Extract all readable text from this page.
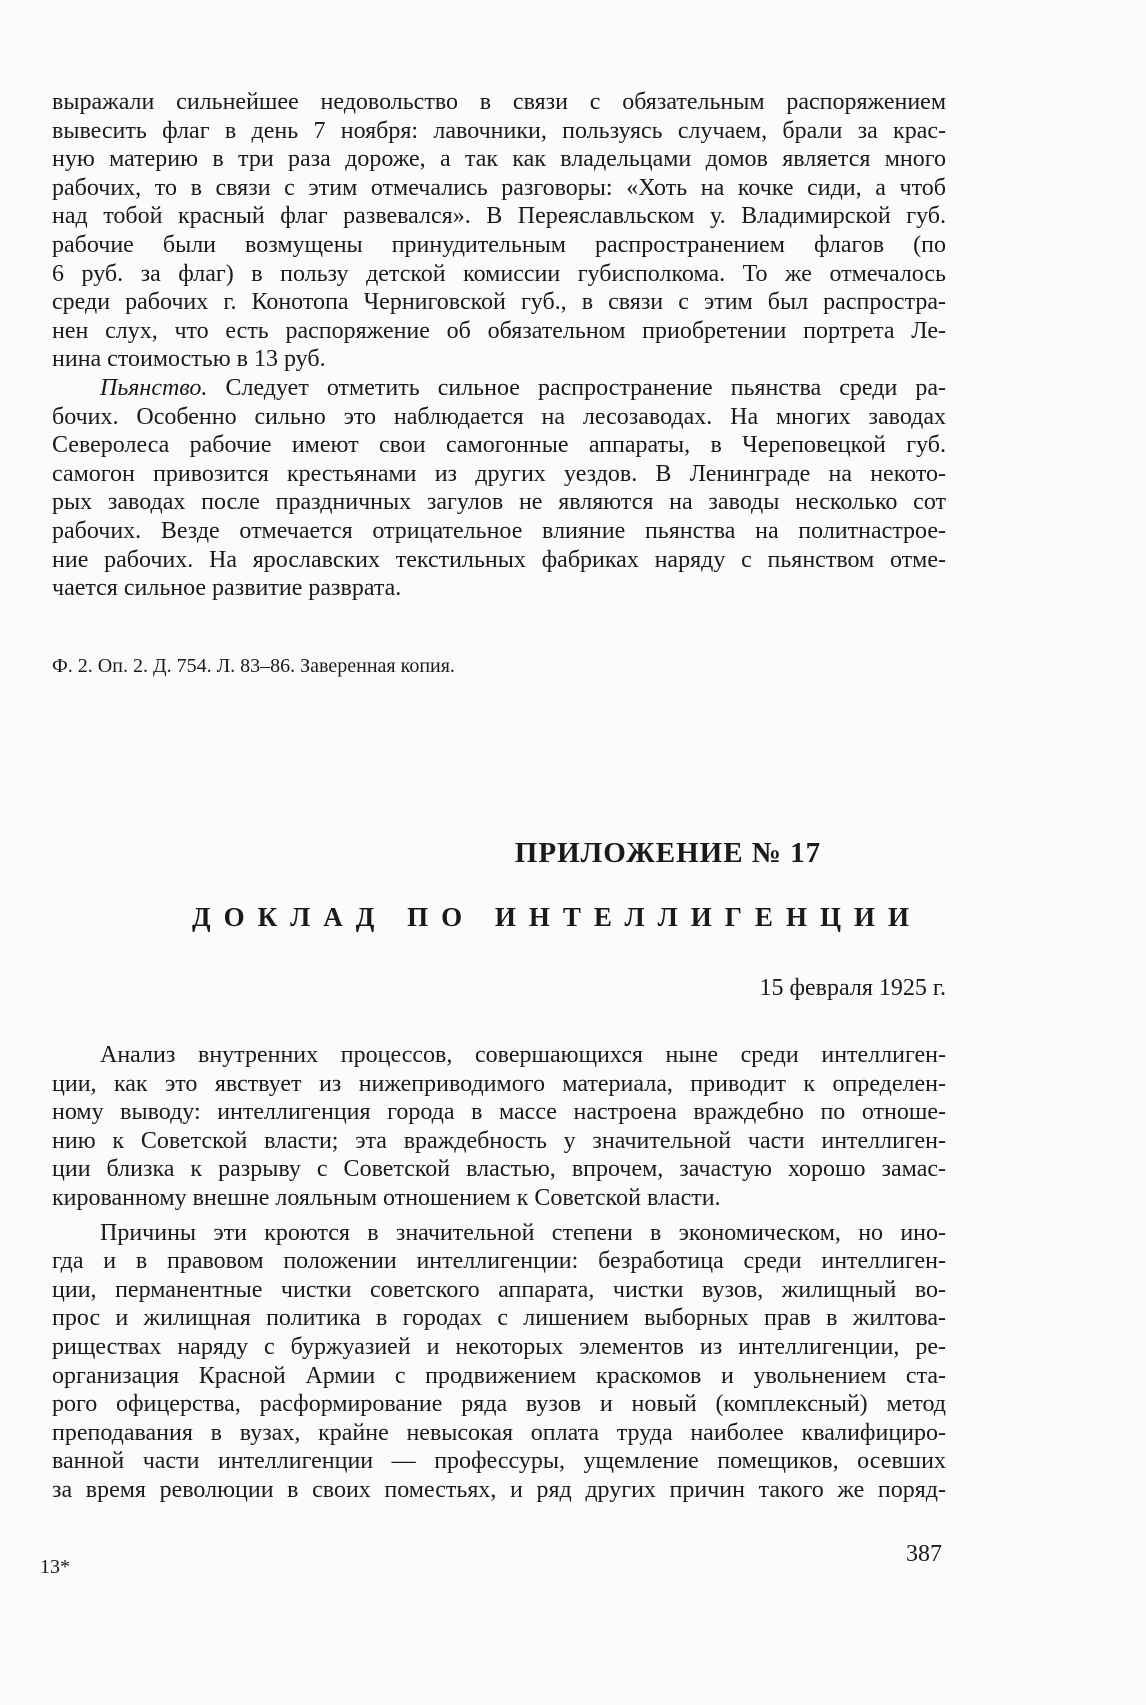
выражали сильнейшее недовольство в связи с обязательным распоряжением
вывесить флаг в день 7 ноября: лавочники, пользуясь случаем, брали за крас-
ную материю в три раза дороже, а так как владельцами домов является много
рабочих, то в связи с этим отмечались разговоры: «Хоть на кочке сиди, а чтоб
над тобой красный флаг развевался». В Переяславльском у. Владимирской губ.
рабочие были возмущены принудительным распространением флагов (по
6 руб. за флаг) в пользу детской комиссии губисполкома. То же отмечалось
среди рабочих г. Конотопа Черниговской губ., в связи с этим был распростра-
нен слух, что есть распоряжение об обязательном приобретении портрета Ле-
нина стоимостью в 13 руб.

Пьянство. Следует отметить сильное распространение пьянства среди ра-
бочих. Особенно сильно это наблюдается на лесозаводах. На многих заводах
Северолеса рабочие имеют свои самогонные аппараты, в Череповецкой губ.
самогон привозится крестьянами из других уездов. В Ленинграде на некото-
рых заводах после праздничных загулов не являются на заводы несколько сот
рабочих. Везде отмечается отрицательное влияние пьянства на политнастрое-
ние рабочих. На ярославских текстильных фабриках наряду с пьянством отме-
чается сильное развитие разврата.

Ф. 2. Оп. 2. Д. 754. Л. 83–86. Заверенная копия.

ПРИЛОЖЕНИЕ № 17
ДОКЛАД ПО ИНТЕЛЛИГЕНЦИИ

15 февраля 1925 г.

Анализ внутренних процессов, совершающихся ныне среди интеллиген-
ции, как это явствует из нижеприводимого материала, приводит к определен-
ному выводу: интеллигенция города в массе настроена враждебно по отноше-
нию к Советской власти; эта враждебность у значительной части интеллиген-
ции близка к разрыву с Советской властью, впрочем, зачастую хорошо замас-
кированному внешне лояльным отношением к Советской власти.

Причины эти кроются в значительной степени в экономическом, но ино-
гда и в правовом положении интеллигенции: безработица среди интеллиген-
ции, перманентные чистки советского аппарата, чистки вузов, жилищный во-
прос и жилищная политика в городах с лишением выборных прав в жилтова-
риществах наряду с буржуазией и некоторых элементов из интеллигенции, ре-
организация Красной Армии с продвижением краскомов и увольнением ста-
рого офицерства, расформирование ряда вузов и новый (комплексный) метод
преподавания в вузах, крайне невысокая оплата труда наиболее квалифициро-
ванной части интеллигенции — профессуры, ущемление помещиков, осевших
за время революции в своих поместьях, и ряд других причин такого же поряд-

13*	387
